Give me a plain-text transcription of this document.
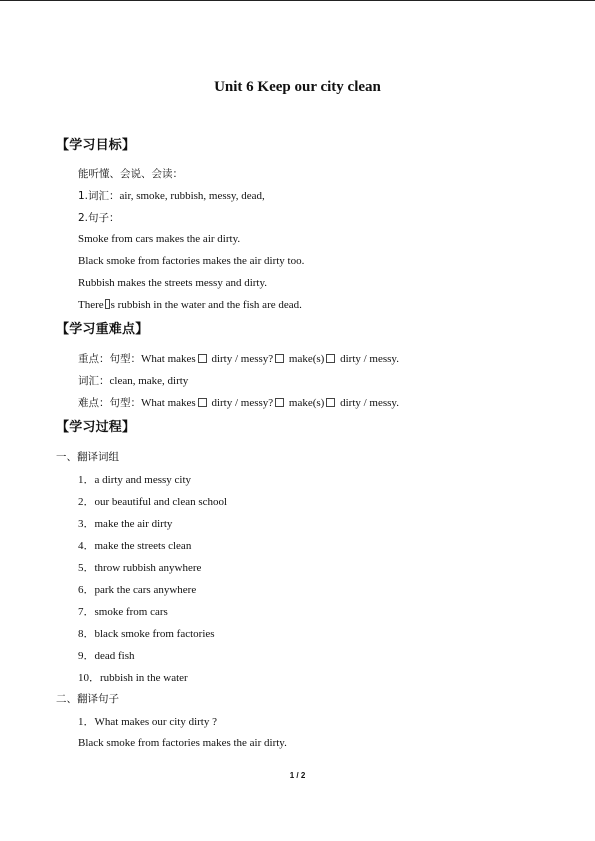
Unit 6 Keep our city clean
【学习目标】
能听懂、会说、会读：
1.词汇：air, smoke, rubbish, messy, dead,
2.句子：
Smoke from cars makes the air dirty.
Black smoke from factories makes the air dirty too.
Rubbish makes the streets messy and dirty.
There s rubbish in the water and the fish are dead.
【学习重难点】
重点：句型：What makes dirty / messy? make(s) dirty / messy.
词汇：clean, make, dirty
难点：句型：What makes dirty / messy? make(s) dirty / messy.
【学习过程】
一、翻译词组
1．a dirty and messy city
2．our beautiful and clean school
3．make the air dirty
4．make the streets clean
5．throw rubbish anywhere
6．park the cars anywhere
7．smoke from cars
8．black smoke from factories
9．dead fish
10．rubbish in the water
二、翻译句子
1．What makes our city dirty ?
Black smoke from factories makes the air dirty.
1 / 2
